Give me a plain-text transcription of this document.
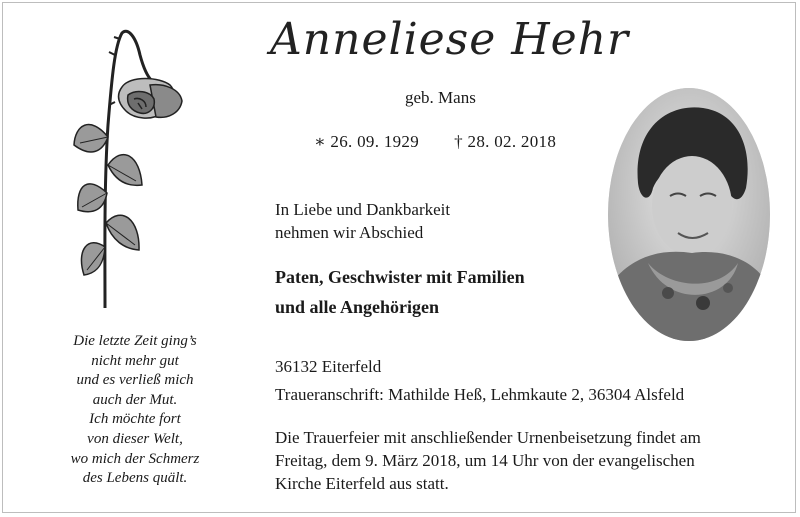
Die letzte Zeit ging’s
nicht mehr gut
und es verließ mich
auch der Mut.
Ich möchte fort
von dieser Welt,
wo mich der Schmerz
des Lebens quält.
Anneliese Hehr
geb. Mans
∗ 26. 09. 1929 † 28. 02. 2018
In Liebe und Dankbarkeit
nehmen wir Abschied
Paten, Geschwister mit Familien
und alle Angehörigen
36132 Eiterfeld
Traueranschrift: Mathilde Heß, Lehmkaute 2, 36304 Alsfeld
Die Trauerfeier mit anschließender Urnenbeisetzung findet am
Freitag, dem 9. März 2018, um 14 Uhr von der evangelischen
Kirche Eiterfeld aus statt.
